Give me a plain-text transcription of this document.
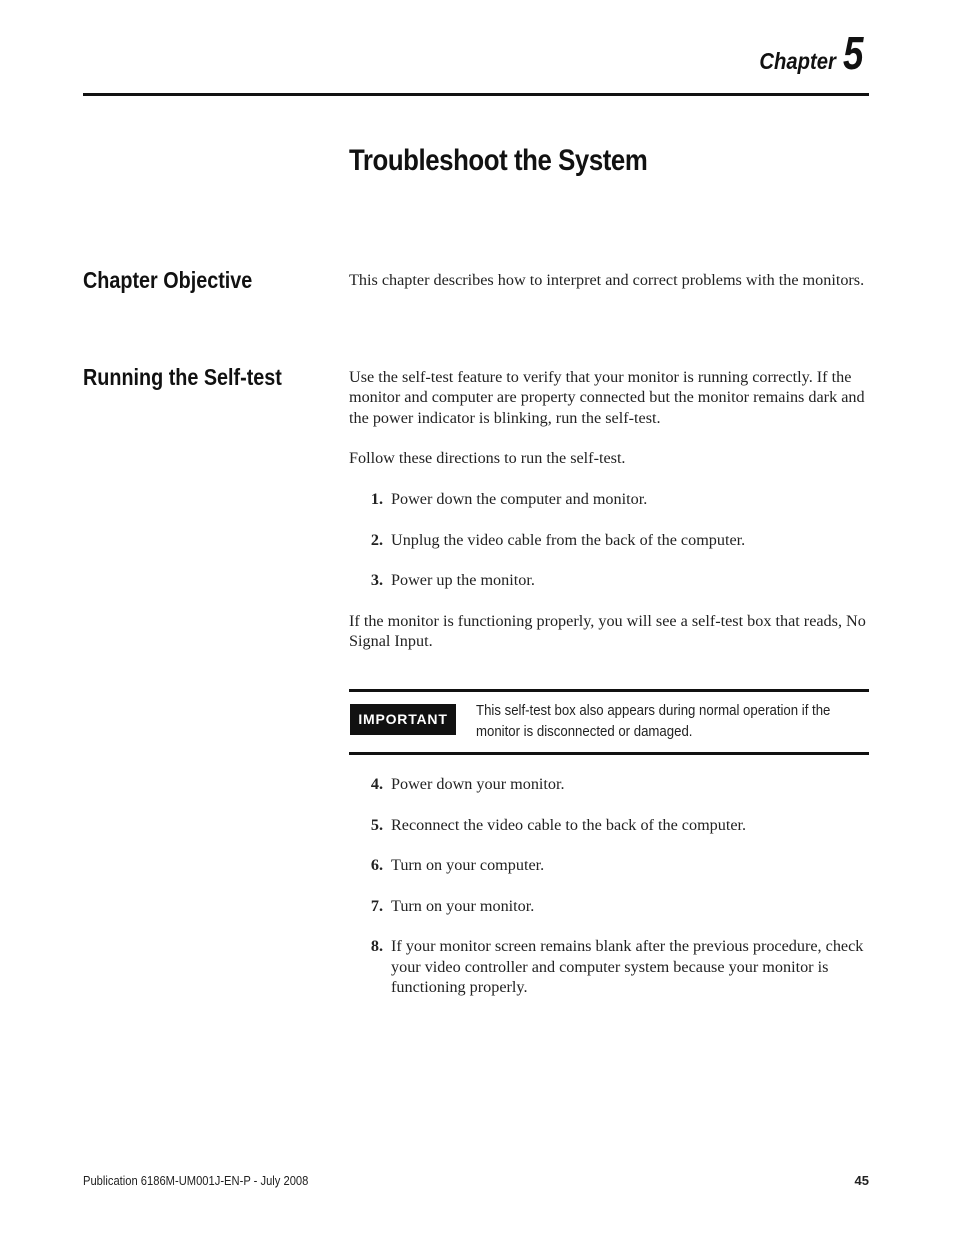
Chapter 5
Troubleshoot the System
Chapter Objective	This chapter describes how to interpret and correct problems with the monitors.

Running the Self-test	Use the self-test feature to verify that your monitor is running correctly. If the monitor and computer are property connected but the monitor remains dark and the power indicator is blinking, run the self-test.

Follow these directions to run the self-test.

1. Power down the computer and monitor.
2. Unplug the video cable from the back of the computer.
3. Power up the monitor.

If the monitor is functioning properly, you will see a self-test box that reads, No Signal Input.

IMPORTANT	This self-test box also appears during normal operation if the monitor is disconnected or damaged.
4. Power down your monitor.
5. Reconnect the video cable to the back of the computer.
6. Turn on your computer.
7. Turn on your monitor.
8. If your monitor screen remains blank after the previous procedure, check your video controller and computer system because your monitor is functioning properly.
Publication 6186M-UM001J-EN-P - July 2008	45
